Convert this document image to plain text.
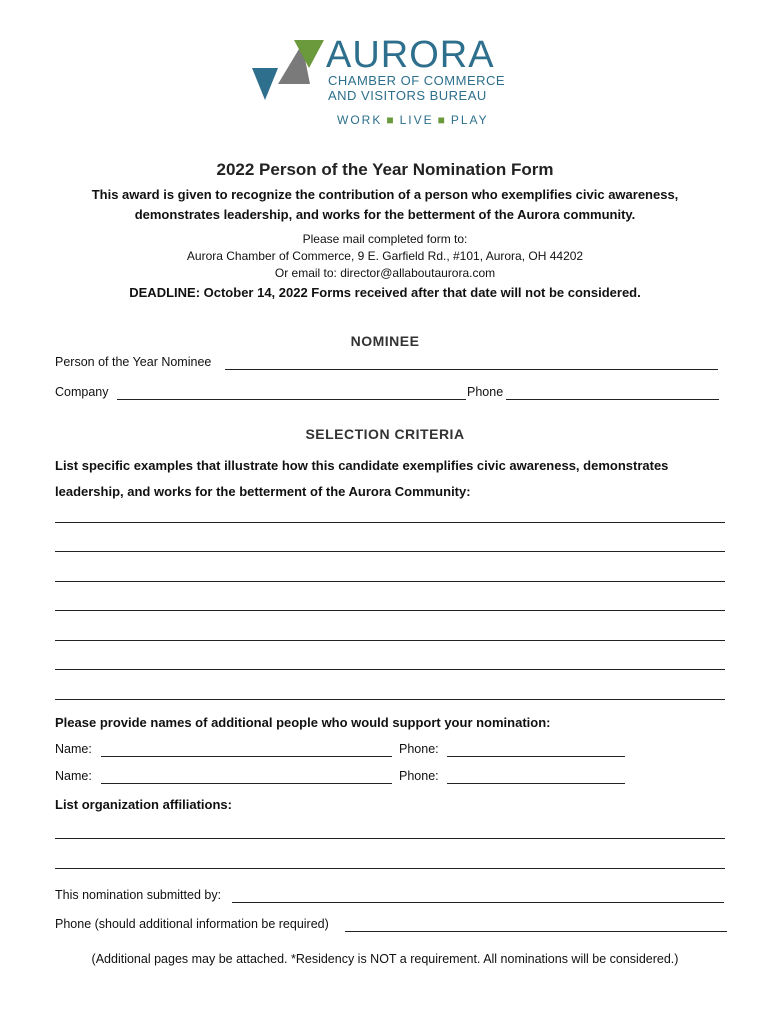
AURORA
CHAMBER OF COMMERCE
AND VISITORS BUREAU
WORK ■ LIVE ■ PLAY
2022 Person of the Year Nomination Form
This award is given to recognize the contribution of a person who exemplifies civic awareness,
demonstrates leadership, and works for the betterment of the Aurora community.
Please mail completed form to:
Aurora Chamber of Commerce, 9 E. Garfield Rd., #101, Aurora, OH 44202
Or email to: director@allaboutaurora.com
DEADLINE: October 14, 2022 Forms received after that date will not be considered.
NOMINEE
Person of the Year Nominee
Company	Phone
SELECTION CRITERIA
List specific examples that illustrate how this candidate exemplifies civic awareness, demonstrates
leadership, and works for the betterment of the Aurora Community:
Please provide names of additional people who would support your nomination:
Name:	Phone:
Name:	Phone:
List organization affiliations:
This nomination submitted by:
Phone (should additional information be required)
(Additional pages may be attached. *Residency is NOT a requirement. All nominations will be considered.)
